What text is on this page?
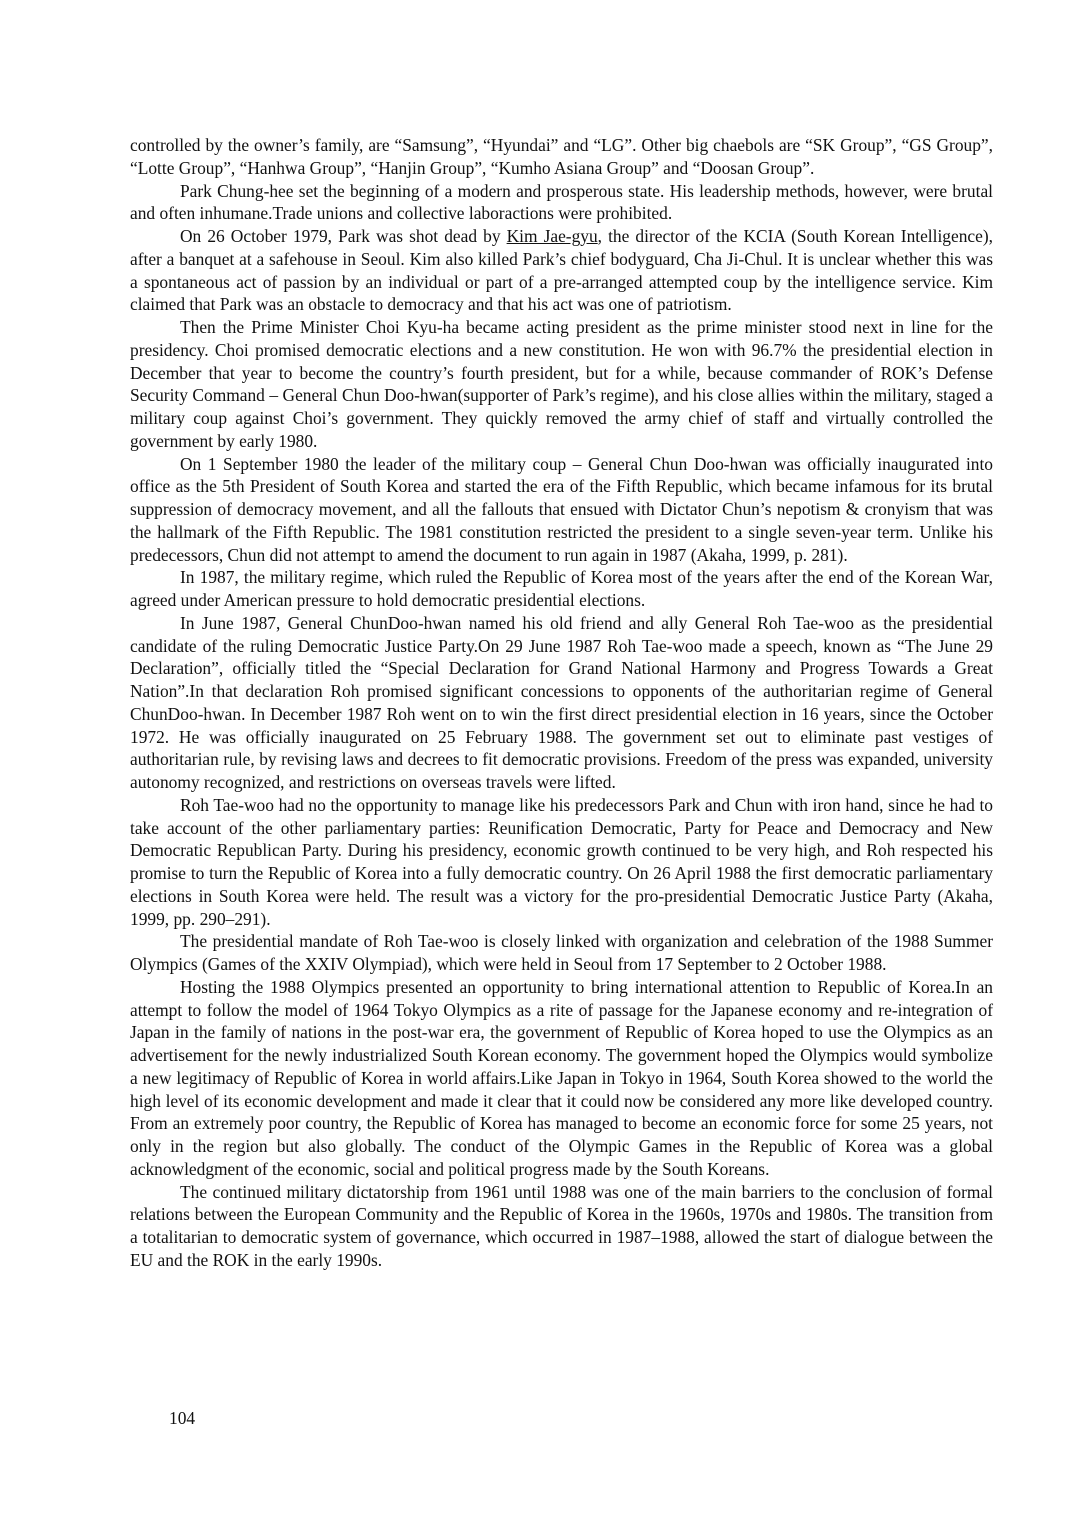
controlled by the owner’s family, are “Samsung”, “Hyundai” and “LG”. Other big chaebols are “SK Group”, “GS Group”, “Lotte Group”, “Hanhwa Group”, “Hanjin Group”, “Kumho Asiana Group” and “Doosan Group”.

Park Chung-hee set the beginning of a modern and prosperous state. His leadership methods, however, were brutal and often inhumane.Trade unions and collective laboractions were prohibited.

On 26 October 1979, Park was shot dead by Kim Jae-gyu, the director of the KCIA (South Korean Intelligence), after a banquet at a safehouse in Seoul. Kim also killed Park’s chief bodyguard, Cha Ji-Chul. It is unclear whether this was a spontaneous act of passion by an individual or part of a pre-arranged attempted coup by the intelligence service. Kim claimed that Park was an obstacle to democracy and that his act was one of patriotism.

Then the Prime Minister Choi Kyu-ha became acting president as the prime minister stood next in line for the presidency. Choi promised democratic elections and a new constitution. He won with 96.7% the presidential election in December that year to become the country’s fourth president, but for a while, because commander of ROK’s Defense Security Command – General Chun Doo-hwan(supporter of Park’s regime), and his close allies within the military, staged a military coup against Choi’s government. They quickly removed the army chief of staff and virtually controlled the government by early 1980.

On 1 September 1980 the leader of the military coup – General Chun Doo-hwan was officially inaugurated into office as the 5th President of South Korea and started the era of the Fifth Republic, which became infamous for its brutal suppression of democracy movement, and all the fallouts that ensued with Dictator Chun’s nepotism & cronyism that was the hallmark of the Fifth Republic. The 1981 constitution restricted the president to a single seven-year term. Unlike his predecessors, Chun did not attempt to amend the document to run again in 1987 (Akaha, 1999, p. 281).

In 1987, the military regime, which ruled the Republic of Korea most of the years after the end of the Korean War, agreed under American pressure to hold democratic presidential elections.

In June 1987, General ChunDoo-hwan named his old friend and ally General Roh Tae-woo as the presidential candidate of the ruling Democratic Justice Party.On 29 June 1987 Roh Tae-woo made a speech, known as “The June 29 Declaration”, officially titled the “Special Declaration for Grand National Harmony and Progress Towards a Great Nation”.In that declaration Roh promised significant concessions to opponents of the authoritarian regime of General ChunDoo-hwan. In December 1987 Roh went on to win the first direct presidential election in 16 years, since the October 1972. He was officially inaugurated on 25 February 1988. The government set out to eliminate past vestiges of authoritarian rule, by revising laws and decrees to fit democratic provisions. Freedom of the press was expanded, university autonomy recognized, and restrictions on overseas travels were lifted.

Roh Tae-woo had no the opportunity to manage like his predecessors Park and Chun with iron hand, since he had to take account of the other parliamentary parties: Reunification Democratic, Party for Peace and Democracy and New Democratic Republican Party. During his presidency, economic growth continued to be very high, and Roh respected his promise to turn the Republic of Korea into a fully democratic country. On 26 April 1988 the first democratic parliamentary elections in South Korea were held. The result was a victory for the pro-presidential Democratic Justice Party (Akaha, 1999, pp. 290–291).

The presidential mandate of Roh Tae-woo is closely linked with organization and celebration of the 1988 Summer Olympics (Games of the XXIV Olympiad), which were held in Seoul from 17 September to 2 October 1988.

Hosting the 1988 Olympics presented an opportunity to bring international attention to Republic of Korea.In an attempt to follow the model of 1964 Tokyo Olympics as a rite of passage for the Japanese economy and re-integration of Japan in the family of nations in the post-war era, the government of Republic of Korea hoped to use the Olympics as an advertisement for the newly industrialized South Korean economy. The government hoped the Olympics would symbolize a new legitimacy of Republic of Korea in world affairs.Like Japan in Tokyo in 1964, South Korea showed to the world the high level of its economic development and made it clear that it could now be considered any more like developed country. From an extremely poor country, the Republic of Korea has managed to become an economic force for some 25 years, not only in the region but also globally. The conduct of the Olympic Games in the Republic of Korea was a global acknowledgment of the economic, social and political progress made by the South Koreans.

The continued military dictatorship from 1961 until 1988 was one of the main barriers to the conclusion of formal relations between the European Community and the Republic of Korea in the 1960s, 1970s and 1980s. The transition from a totalitarian to democratic system of governance, which occurred in 1987–1988, allowed the start of dialogue between the EU and the ROK in the early 1990s.

104
